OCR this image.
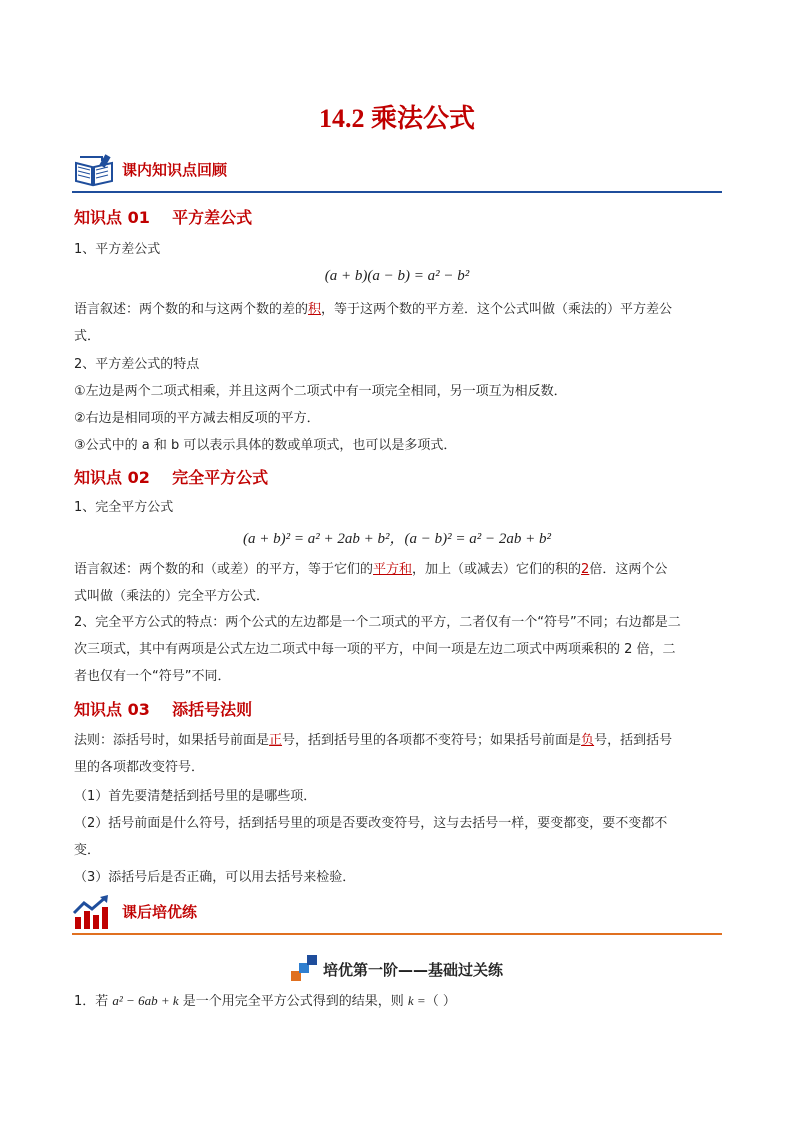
14.2 乘法公式
课内知识点回顾
知识点 01    平方差公式
1、平方差公式
(a + b)(a − b) = a² − b²
语言叙述：两个数的和与这两个数的差的积，等于这两个数的平方差．这个公式叫做（乘法的）平方差公
式．
2、平方差公式的特点
①左边是两个二项式相乘，并且这两个二项式中有一项完全相同，另一项互为相反数．
②右边是相同项的平方减去相反项的平方．
③公式中的 a 和 b 可以表示具体的数或单项式，也可以是多项式．
知识点 02    完全平方公式
1、完全平方公式
(a + b)² = a² + 2ab + b²，(a − b)² = a² − 2ab + b²
语言叙述：两个数的和（或差）的平方，等于它们的平方和，加上（或减去）它们的积的2倍．这两个公
式叫做（乘法的）完全平方公式．
2、完全平方公式的特点：两个公式的左边都是一个二项式的平方，二者仅有一个“符号”不同；右边都是二
次三项式，其中有两项是公式左边二项式中每一项的平方，中间一项是左边二项式中两项乘积的 2 倍，二
者也仅有一个“符号”不同．
知识点 03    添括号法则
法则：添括号时，如果括号前面是正号，括到括号里的各项都不变符号；如果括号前面是负号，括到括号
里的各项都改变符号．
（1）首先要清楚括到括号里的是哪些项．
（2）括号前面是什么符号，括到括号里的项是否要改变符号，这与去括号一样，要变都变，要不变都不
变．
（3）添括号后是否正确，可以用去括号来检验．
课后培优练
培优第一阶——基础过关练
1．若 a² − 6ab + k 是一个用完全平方公式得到的结果，则 k =（ ）
